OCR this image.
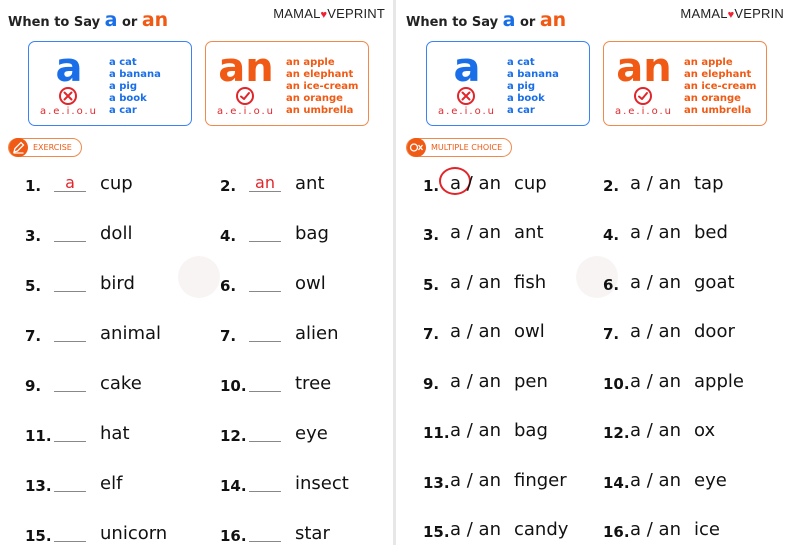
When to Say a or an	MAMAL♥VEPRINT
a
a.e.i.o.u
a cat
a banana
a pig
a book
a car
an
a.e.i.o.u
an apple
an elephant
an ice-cream
an orange
an umbrella
EXERCISE
1.	a	cup	2.	an	ant
3.	doll	4.	bag
5.	bird	6.	owl
7.	animal	7.	alien
9.	cake	10.	tree
11.	hat	12.	eye
13.	elf	14.	insect
15.	unicorn	16.	star
When to Say a or an	MAMAL♥VEPRIN
a
a.e.i.o.u
a cat
a banana
a pig
a book
a car
an
a.e.i.o.u
an apple
an elephant
an ice-cream
an orange
an umbrella
MULTIPLE CHOICE
1. a / an cup	2. a / an tap
3. a / an ant	4. a / an bed
5. a / an fish	6. a / an goat
7. a / an owl	7. a / an door
9. a / an pen	10. a / an apple
11. a / an bag	12. a / an ox
13. a / an finger 14. a / an eye
15. a / an candy 16. a / an ice
